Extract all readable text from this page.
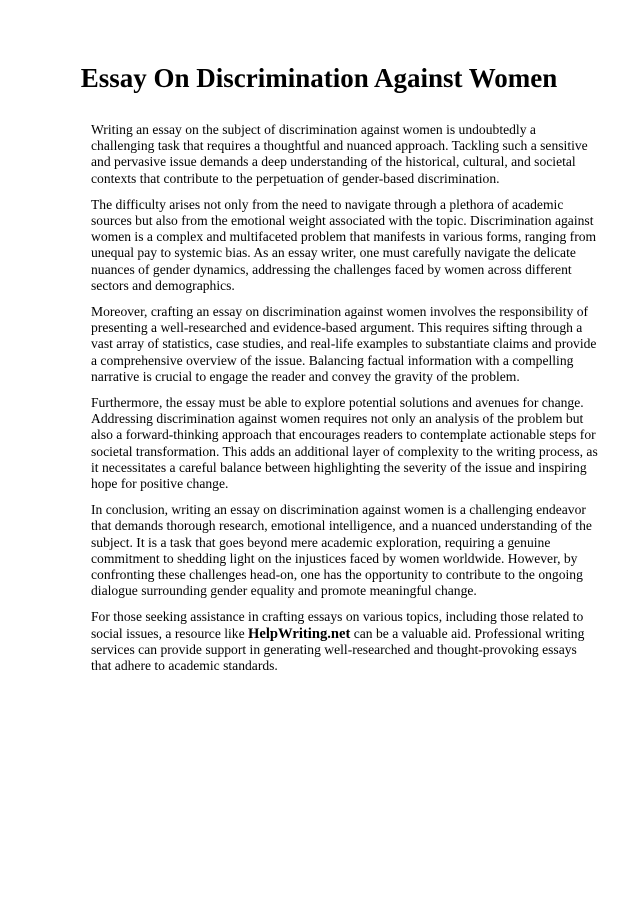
Essay On Discrimination Against Women

Writing an essay on the subject of discrimination against women is undoubtedly a challenging task that requires a thoughtful and nuanced approach. Tackling such a sensitive and pervasive issue demands a deep understanding of the historical, cultural, and societal contexts that contribute to the perpetuation of gender-based discrimination.

The difficulty arises not only from the need to navigate through a plethora of academic sources but also from the emotional weight associated with the topic. Discrimination against women is a complex and multifaceted problem that manifests in various forms, ranging from unequal pay to systemic bias. As an essay writer, one must carefully navigate the delicate nuances of gender dynamics, addressing the challenges faced by women across different sectors and demographics.

Moreover, crafting an essay on discrimination against women involves the responsibility of presenting a well-researched and evidence-based argument. This requires sifting through a vast array of statistics, case studies, and real-life examples to substantiate claims and provide a comprehensive overview of the issue. Balancing factual information with a compelling narrative is crucial to engage the reader and convey the gravity of the problem.

Furthermore, the essay must be able to explore potential solutions and avenues for change. Addressing discrimination against women requires not only an analysis of the problem but also a forward-thinking approach that encourages readers to contemplate actionable steps for societal transformation. This adds an additional layer of complexity to the writing process, as it necessitates a careful balance between highlighting the severity of the issue and inspiring hope for positive change.

In conclusion, writing an essay on discrimination against women is a challenging endeavor that demands thorough research, emotional intelligence, and a nuanced understanding of the subject. It is a task that goes beyond mere academic exploration, requiring a genuine commitment to shedding light on the injustices faced by women worldwide. However, by confronting these challenges head-on, one has the opportunity to contribute to the ongoing dialogue surrounding gender equality and promote meaningful change.

For those seeking assistance in crafting essays on various topics, including those related to social issues, a resource like HelpWriting.net can be a valuable aid. Professional writing services can provide support in generating well-researched and thought-provoking essays that adhere to academic standards.
